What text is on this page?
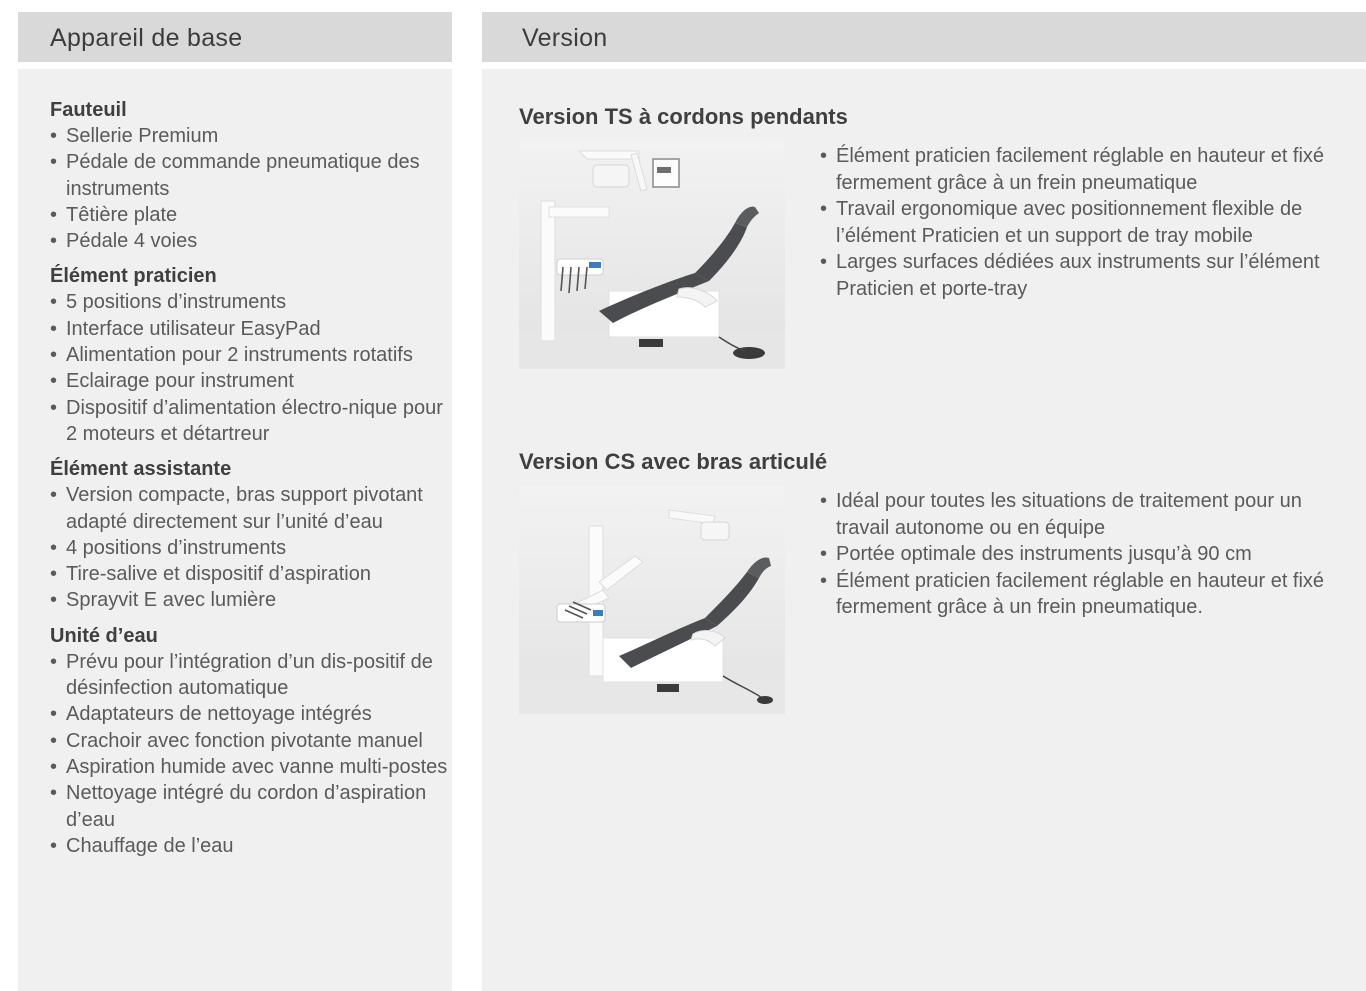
Appareil de base
Fauteuil
• Sellerie Premium
• Pédale de commande pneumatique des instruments
• Têtière plate
• Pédale 4 voies
Élément praticien
• 5 positions d’instruments
• Interface utilisateur EasyPad
• Alimentation pour 2 instruments rotatifs
• Eclairage pour instrument
• Dispositif d’alimentation électro-nique pour 2 moteurs et détartreur
Élément assistante
• Version compacte, bras support pivotant adapté directement sur l’unité d’eau
• 4 positions d’instruments
• Tire-salive et dispositif d’aspiration
• Sprayvit E avec lumière
Unité d’eau
• Prévu pour l’intégration d’un dis-positif de désinfection automatique
• Adaptateurs de nettoyage intégrés
• Crachoir avec fonction pivotante manuel
• Aspiration humide avec vanne multi-postes
• Nettoyage intégré du cordon d’aspiration d’eau
• Chauffage de l’eau
Version
Version TS à cordons pendants
• Élément praticien facilement réglable en hauteur et fixé fermement grâce à un frein pneumatique
• Travail ergonomique avec positionnement flexible de l’élément Praticien et un support de tray mobile
• Larges surfaces dédiées aux instruments sur l’élément Praticien et porte-tray
Version CS avec bras articulé
• Idéal pour toutes les situations de traitement pour un travail autonome ou en équipe
• Portée optimale des instruments jusqu’à 90 cm
• Élément praticien facilement réglable en hauteur et fixé fermement grâce à un frein pneumatique.
